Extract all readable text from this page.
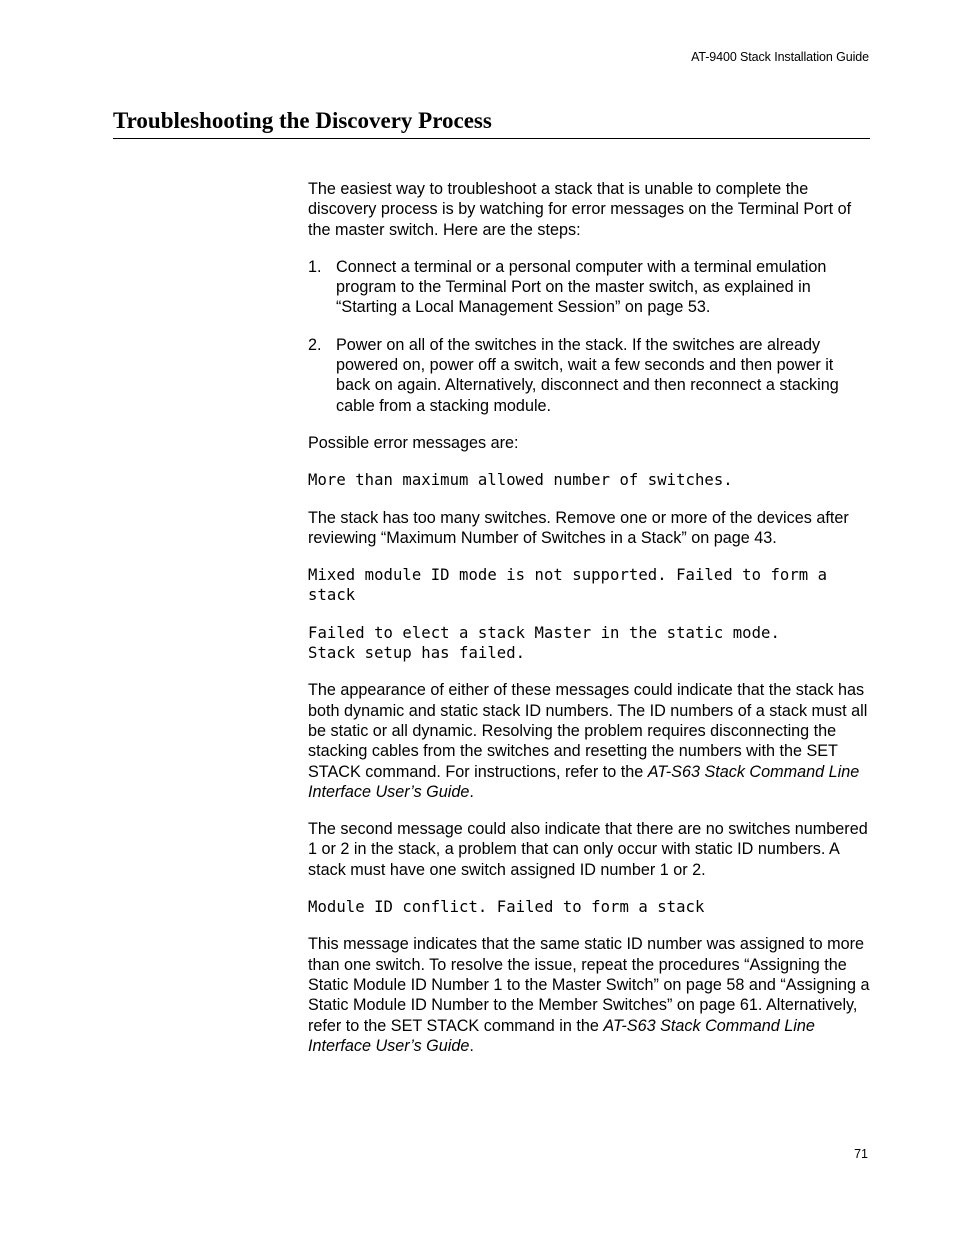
AT-9400 Stack Installation Guide
Troubleshooting the Discovery Process

The easiest way to troubleshoot a stack that is unable to complete the discovery process is by watching for error messages on the Terminal Port of the master switch. Here are the steps:

1. Connect a terminal or a personal computer with a terminal emulation program to the Terminal Port on the master switch, as explained in “Starting a Local Management Session” on page 53.
2. Power on all of the switches in the stack. If the switches are already powered on, power off a switch, wait a few seconds and then power it back on again. Alternatively, disconnect and then reconnect a stacking cable from a stacking module.

Possible error messages are:

More than maximum allowed number of switches.

The stack has too many switches. Remove one or more of the devices after reviewing “Maximum Number of Switches in a Stack” on page 43.

Mixed module ID mode is not supported. Failed to form a stack
Failed to elect a stack Master in the static mode.
Stack setup has failed.

The appearance of either of these messages could indicate that the stack has both dynamic and static stack ID numbers. The ID numbers of a stack must all be static or all dynamic. Resolving the problem requires disconnecting the stacking cables from the switches and resetting the numbers with the SET STACK command. For instructions, refer to the AT-S63 Stack Command Line Interface User’s Guide.

The second message could also indicate that there are no switches numbered 1 or 2 in the stack, a problem that can only occur with static ID numbers. A stack must have one switch assigned ID number 1 or 2.

Module ID conflict. Failed to form a stack

This message indicates that the same static ID number was assigned to more than one switch. To resolve the issue, repeat the procedures “Assigning the Static Module ID Number 1 to the Master Switch” on page 58 and “Assigning a Static Module ID Number to the Member Switches” on page 61. Alternatively, refer to the SET STACK command in the AT-S63 Stack Command Line Interface User’s Guide.

71
